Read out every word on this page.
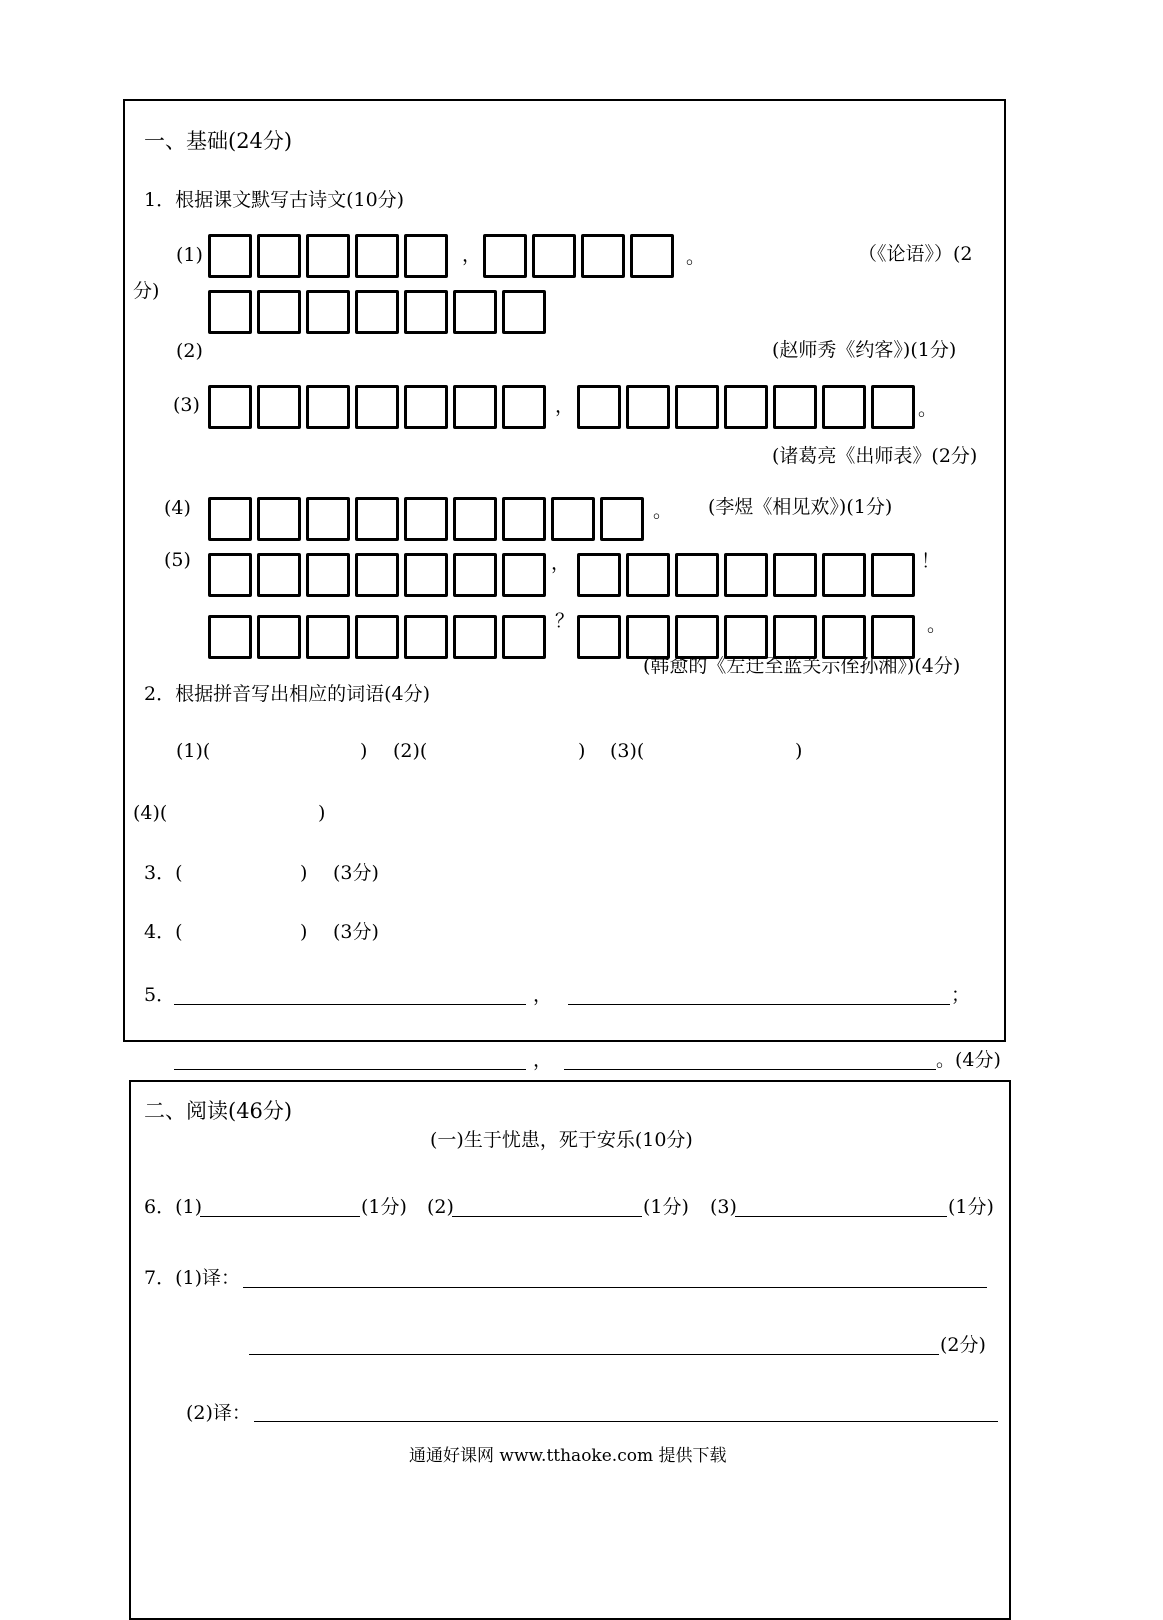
一、基础(24分)
1．根据课文默写古诗文(10分)
(1)	，	。	（《论语》）(2
分)
(2)	(赵师秀《约客》)(1分)
(3)	，	。
(诸葛亮《出师表》(2分)
(4)	。 (李煜《相见欢》)(1分)
(5)	，	！
？	。
(韩愈的《左迁至蓝关示侄孙湘》)(4分)
2．根据拼音写出相应的词语(4分)
(1)(	) (2)(	) (3)(	)
(4)(	)
3．(	) (3分)
4．(	) (3分)
5．	，	；
，	。(4分)
二、阅读(46分)
(一)生于忧患，死于安乐(10分)
6．(1)	(1分) (2)	(1分) (3)	(1分)
7．(1)译：
(2分)
(2)译：
通通好课网 www.tthaoke.com 提供下载
